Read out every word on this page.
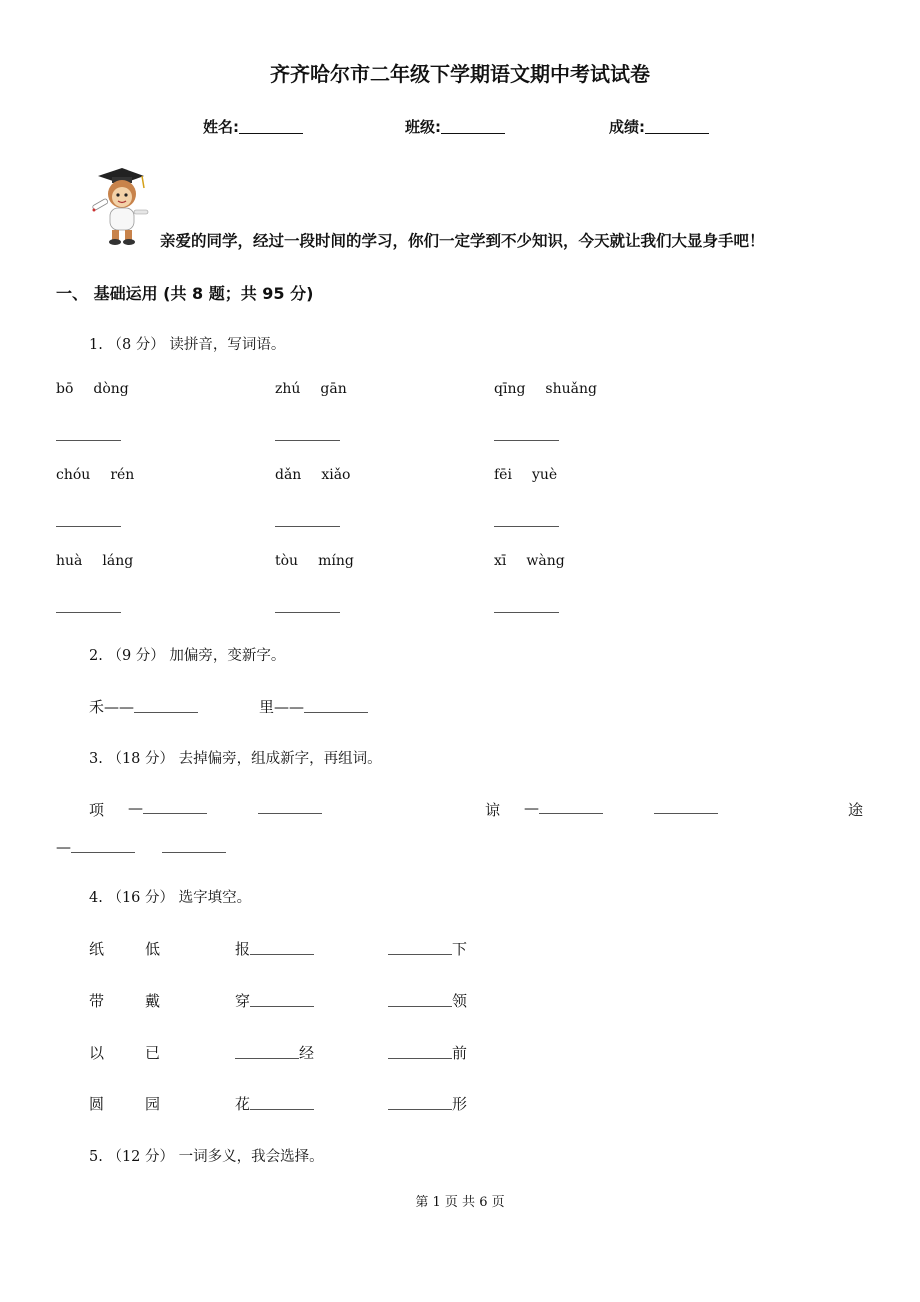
齐齐哈尔市二年级下学期语文期中考试试卷
姓名:	班级:	成绩:
亲爱的同学，经过一段时间的学习，你们一定学到不少知识，今天就让我们大显身手吧！
一、 基础运用 (共 8 题；共 95 分)
1. （8 分） 读拼音，写词语。
bō dòng	zhú gān	qīng shuǎng
chóu rén	dǎn xiǎo	fēi yuè
huà láng	tòu míng	xī wàng
2. （9 分） 加偏旁，变新字。
禾——	里——
3. （18 分） 去掉偏旁，组成新字，再组词。
项 —	谅 —	途
—
4. （16 分） 选字填空。
纸	低	报	下
带	戴	穿	领
以	已	经	前
圆	园	花	形
5. （12 分） 一词多义，我会选择。
第 1 页 共 6 页
